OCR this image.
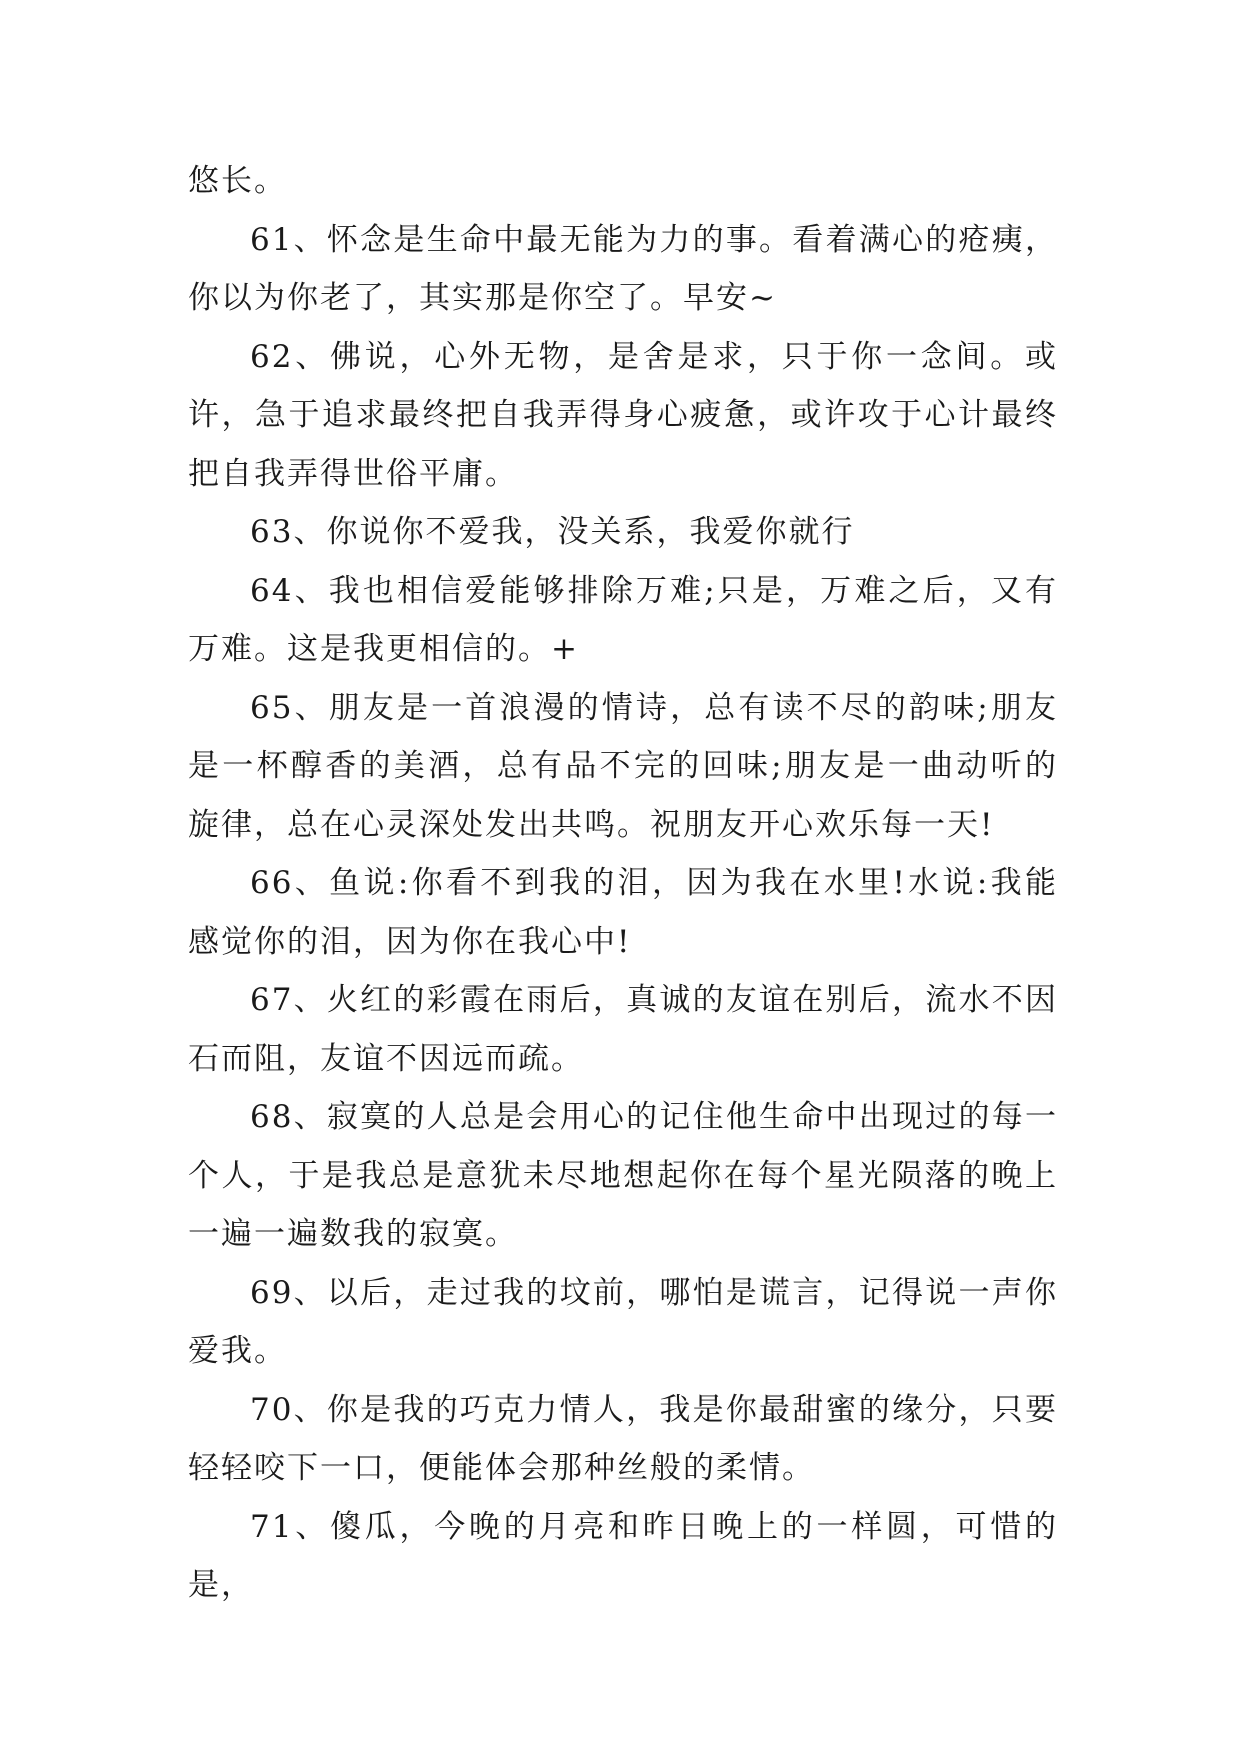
悠长。

61、怀念是生命中最无能为力的事。看着满心的疮痍，你以为你老了，其实那是你空了。早安~

62、佛说，心外无物，是舍是求，只于你一念间。或许，急于追求最终把自我弄得身心疲惫，或许攻于心计最终把自我弄得世俗平庸。

63、你说你不爱我，没关系，我爱你就行

64、我也相信爱能够排除万难;只是，万难之后，又有万难。这是我更相信的。+

65、朋友是一首浪漫的情诗，总有读不尽的韵味;朋友是一杯醇香的美酒，总有品不完的回味;朋友是一曲动听的旋律，总在心灵深处发出共鸣。祝朋友开心欢乐每一天!

66、鱼说:你看不到我的泪，因为我在水里!水说:我能感觉你的泪，因为你在我心中!

67、火红的彩霞在雨后，真诚的友谊在别后，流水不因石而阻，友谊不因远而疏。

68、寂寞的人总是会用心的记住他生命中出现过的每一个人，于是我总是意犹未尽地想起你在每个星光陨落的晚上一遍一遍数我的寂寞。

69、以后，走过我的坟前，哪怕是谎言，记得说一声你爱我。

70、你是我的巧克力情人，我是你最甜蜜的缘分，只要轻轻咬下一口，便能体会那种丝般的柔情。

71、傻瓜，今晚的月亮和昨日晚上的一样圆，可惜的是，
